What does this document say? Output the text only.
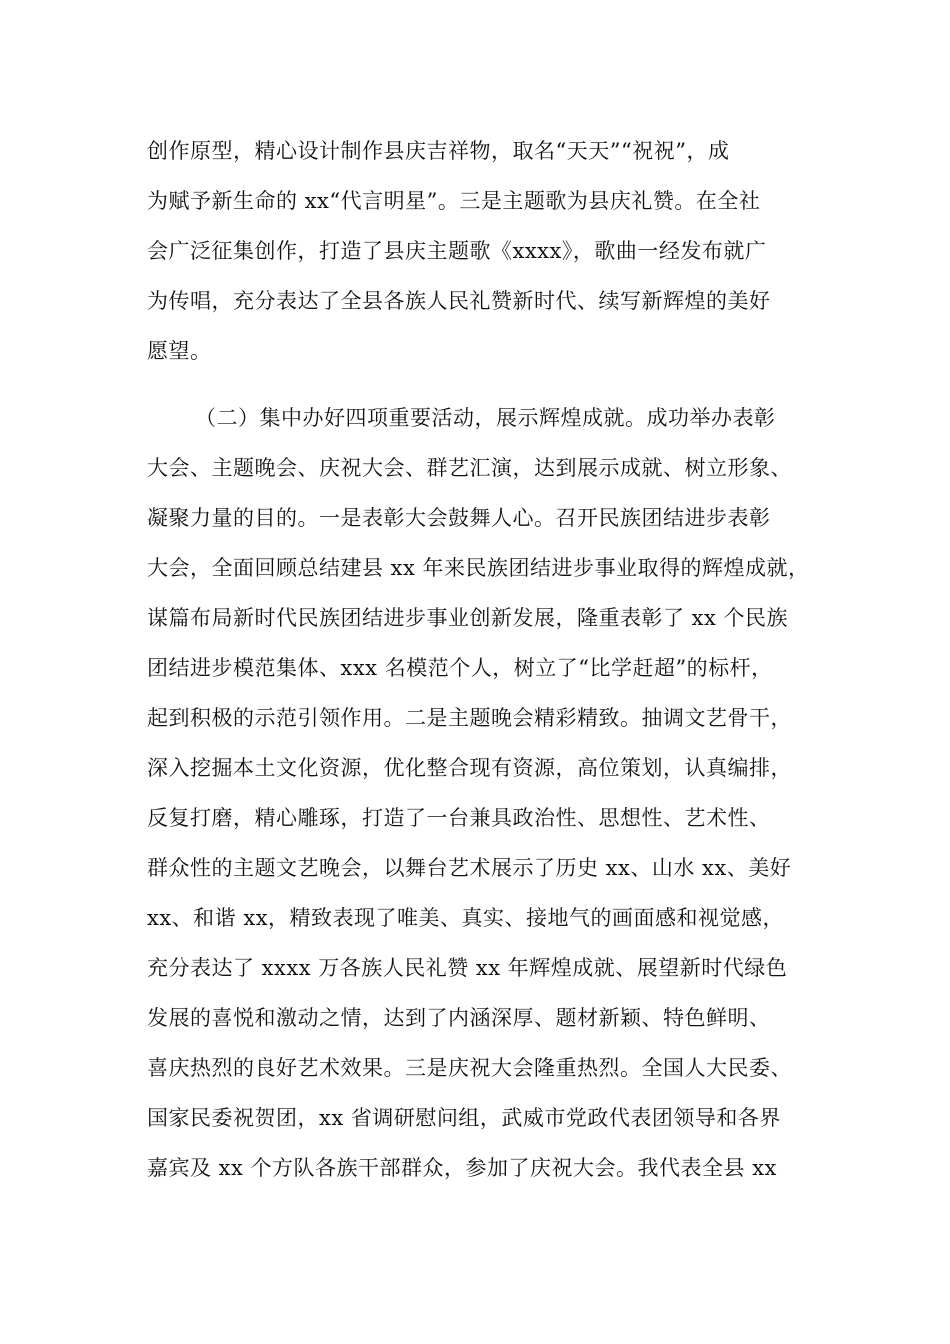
创作原型，精心设计制作县庆吉祥物，取名“天天”“祝祝”，成
为赋予新生命的 xx“代言明星”。三是主题歌为县庆礼赞。在全社
会广泛征集创作，打造了县庆主题歌《xxxx》，歌曲一经发布就广
为传唱，充分表达了全县各族人民礼赞新时代、续写新辉煌的美好
愿望。
（二）集中办好四项重要活动，展示辉煌成就。成功举办表彰
大会、主题晚会、庆祝大会、群艺汇演，达到展示成就、树立形象、
凝聚力量的目的。一是表彰大会鼓舞人心。召开民族团结进步表彰
大会，全面回顾总结建县 xx 年来民族团结进步事业取得的辉煌成就，
谋篇布局新时代民族团结进步事业创新发展，隆重表彰了 xx 个民族
团结进步模范集体、xxx 名模范个人，树立了“比学赶超”的标杆，
起到积极的示范引领作用。二是主题晚会精彩精致。抽调文艺骨干，
深入挖掘本土文化资源，优化整合现有资源，高位策划，认真编排，
反复打磨，精心雕琢，打造了一台兼具政治性、思想性、艺术性、
群众性的主题文艺晚会，以舞台艺术展示了历史 xx、山水 xx、美好
xx、和谐 xx，精致表现了唯美、真实、接地气的画面感和视觉感，
充分表达了 xxxx 万各族人民礼赞 xx 年辉煌成就、展望新时代绿色
发展的喜悦和激动之情，达到了内涵深厚、题材新颖、特色鲜明、
喜庆热烈的良好艺术效果。三是庆祝大会隆重热烈。全国人大民委、
国家民委祝贺团，xx 省调研慰问组，武威市党政代表团领导和各界
嘉宾及 xx 个方队各族干部群众，参加了庆祝大会。我代表全县 xx
